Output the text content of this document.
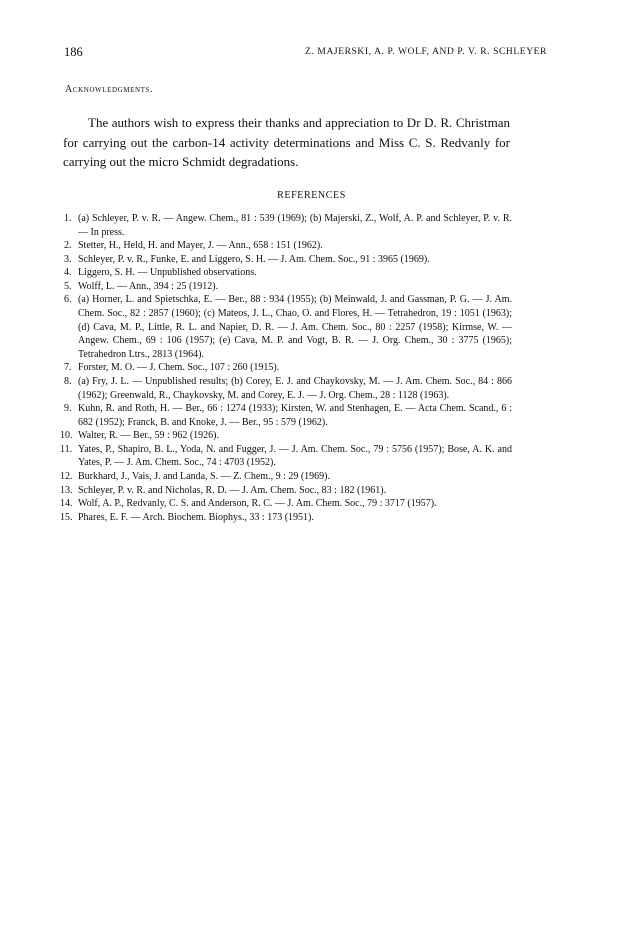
186	Z. MAJERSKI, A. P. WOLF, AND P. V. R. SCHLEYER
Acknowledgments.
The authors wish to express their thanks and appreciation to Dr D. R. Christman for carrying out the carbon-14 activity determinations and Miss C. S. Redvanly for carrying out the micro Schmidt degradations.
REFERENCES
1. (a) Schleyer, P. v. R. — Angew. Chem., 81 : 539 (1969); (b) Majerski, Z., Wolf, A. P. and Schleyer, P. v. R. — In press.
2. Stetter, H., Held, H. and Mayer, J. — Ann., 658 : 151 (1962).
3. Schleyer, P. v. R., Funke, E. and Liggero, S. H. — J. Am. Chem. Soc., 91 : 3965 (1969).
4. Liggero, S. H. — Unpublished observations.
5. Wolff, L. — Ann., 394 : 25 (1912).
6. (a) Horner, L. and Spietschka, E. — Ber., 88 : 934 (1955); (b) Meinwald, J. and Gassman, P. G. — J. Am. Chem. Soc., 82 : 2857 (1960); (c) Mateos, J. L., Chao, O. and Flores, H. — Tetrahedron, 19 : 1051 (1963); (d) Cava, M. P., Little, R. L. and Napier, D. R. — J. Am. Chem. Soc., 80 : 2257 (1958); Kirmse, W. — Angew. Chem., 69 : 106 (1957); (e) Cava, M. P. and Vogt, B. R. — J. Org. Chem., 30 : 3775 (1965); Tetrahedron Ltrs., 2813 (1964).
7. Forster, M. O. — J. Chem. Soc., 107 : 260 (1915).
8. (a) Fry, J. L. — Unpublished results; (b) Corey, E. J. and Chaykovsky, M. — J. Am. Chem. Soc., 84 : 866 (1962); Greenwald, R., Chaykovsky, M. and Corey, E. J. — J. Org. Chem., 28 : 1128 (1963).
9. Kuhn, R. and Roth, H. — Ber., 66 : 1274 (1933); Kirsten, W. and Stenhagen, E. — Acta Chem. Scand., 6 : 682 (1952); Franck, B. and Knoke, J. — Ber., 95 : 579 (1962).
10. Walter, R. — Ber., 59 : 962 (1926).
11. Yates, P., Shapiro, B. L., Yoda, N. and Fugger, J. — J. Am. Chem. Soc., 79 : 5756 (1957); Bose, A. K. and Yates, P. — J. Am. Chem. Soc., 74 : 4703 (1952).
12. Burkhard, J., Vais, J. and Landa, S. — Z. Chem., 9 : 29 (1969).
13. Schleyer, P. v. R. and Nicholas, R. D. — J. Am. Chem. Soc., 83 : 182 (1961).
14. Wolf, A. P., Redvanly, C. S. and Anderson, R. C. — J. Am. Chem. Soc., 79 : 3717 (1957).
15. Phares, E. F. — Arch. Biochem. Biophys., 33 : 173 (1951).
